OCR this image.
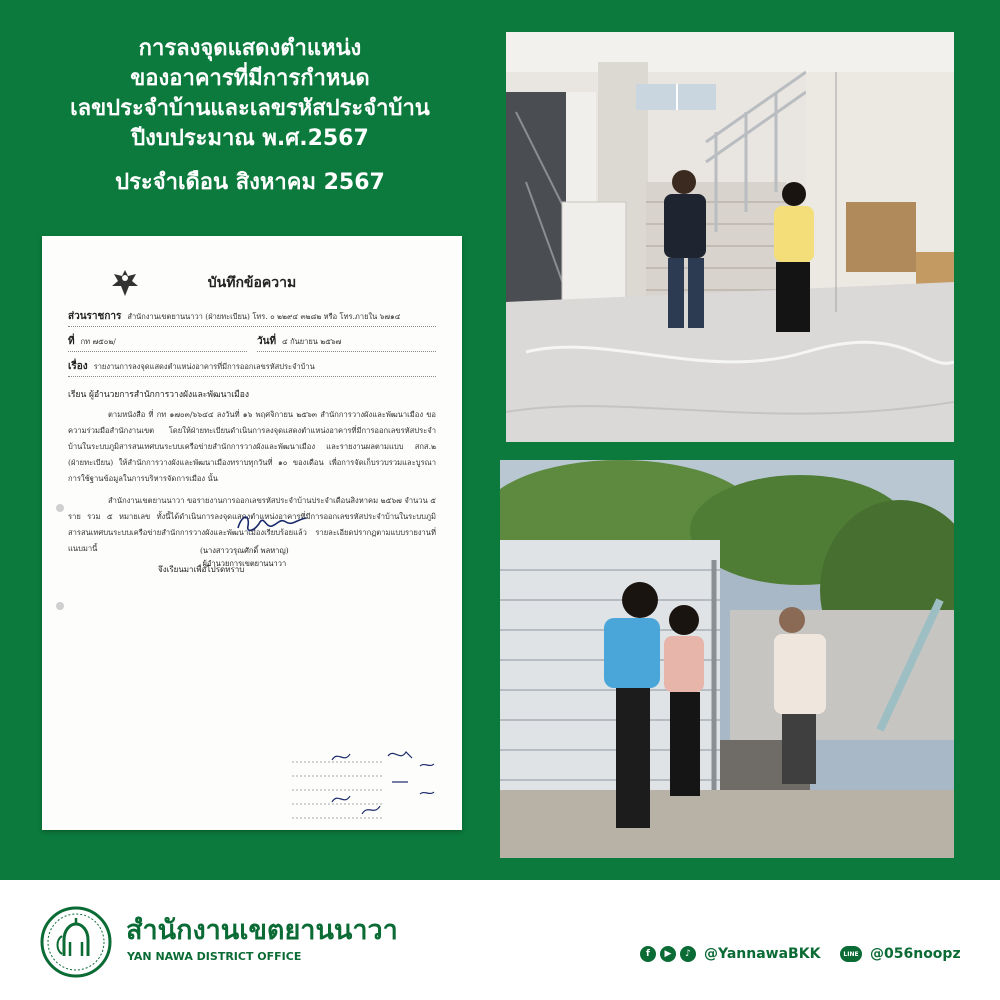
การลงจุดแสดงตำแหน่ง
ของอาคารที่มีการกำหนด
เลขประจำบ้านและเลขรหัสประจำบ้าน
ปีงบประมาณ พ.ศ.2567
ประจำเดือน สิงหาคม 2567
บันทึกข้อความ
ส่วนราชการ สำนักงานเขตยานนาวา (ฝ่ายทะเบียน) โทร. ๐ ๒๒๙๔ ๓๒๘๒ หรือ โทร.ภายใน ๖๗๑๔
ที่ กท ๗๕๐๒/	วันที่ ๔ กันยายน ๒๕๖๗
เรื่อง รายงานการลงจุดแสดงตำแหน่งอาคารที่มีการออกเลขรหัสประจำบ้าน
เรียน ผู้อำนวยการสำนักการวางผังและพัฒนาเมือง

ตามหนังสือ ที่ กท ๑๗๐๓/๖๖๔๔ ลงวันที่ ๑๖ พฤศจิกายน ๒๕๖๓ สำนักการวางผังและพัฒนาเมือง ขอความร่วมมือสำนักงานเขต โดยให้ฝ่ายทะเบียนดำเนินการลงจุดแสดงตำแหน่งอาคารที่มีการออกเลขรหัสประจำบ้านในระบบภูมิสารสนเทศบนระบบเครือข่ายสำนักการวางผังและพัฒนาเมือง และรายงานผลตามแบบ สกส.๒ (ฝ่ายทะเบียน) ให้สำนักการวางผังและพัฒนาเมืองทราบทุกวันที่ ๑๐ ของเดือน เพื่อการจัดเก็บรวบรวมและบูรณาการใช้ฐานข้อมูลในการบริหารจัดการเมือง นั้น

สำนักงานเขตยานนาวา ขอรายงานการออกเลขรหัสประจำบ้านประจำเดือนสิงหาคม ๒๕๖๗ จำนวน ๕ ราย รวม ๕ หมายเลข ทั้งนี้ได้ดำเนินการลงจุดแสดงตำแหน่งอาคารที่มีการออกเลขรหัสประจำบ้านในระบบภูมิสารสนเทศบนระบบเครือข่ายสำนักการวางผังและพัฒนาเมืองเรียบร้อยแล้ว รายละเอียดปรากฏตามแบบรายงานที่แนบมานี้

จึงเรียนมาเพื่อโปรดทราบ
(นางสาววรุณศักดิ์ พลหาญ)
ผู้อำนวยการเขตยานนาวา
สำนักงานเขตยานนาวา
YAN NAWA DISTRICT OFFICE	f	▶	♪ @YannawaBKK	LINE @056noopz
